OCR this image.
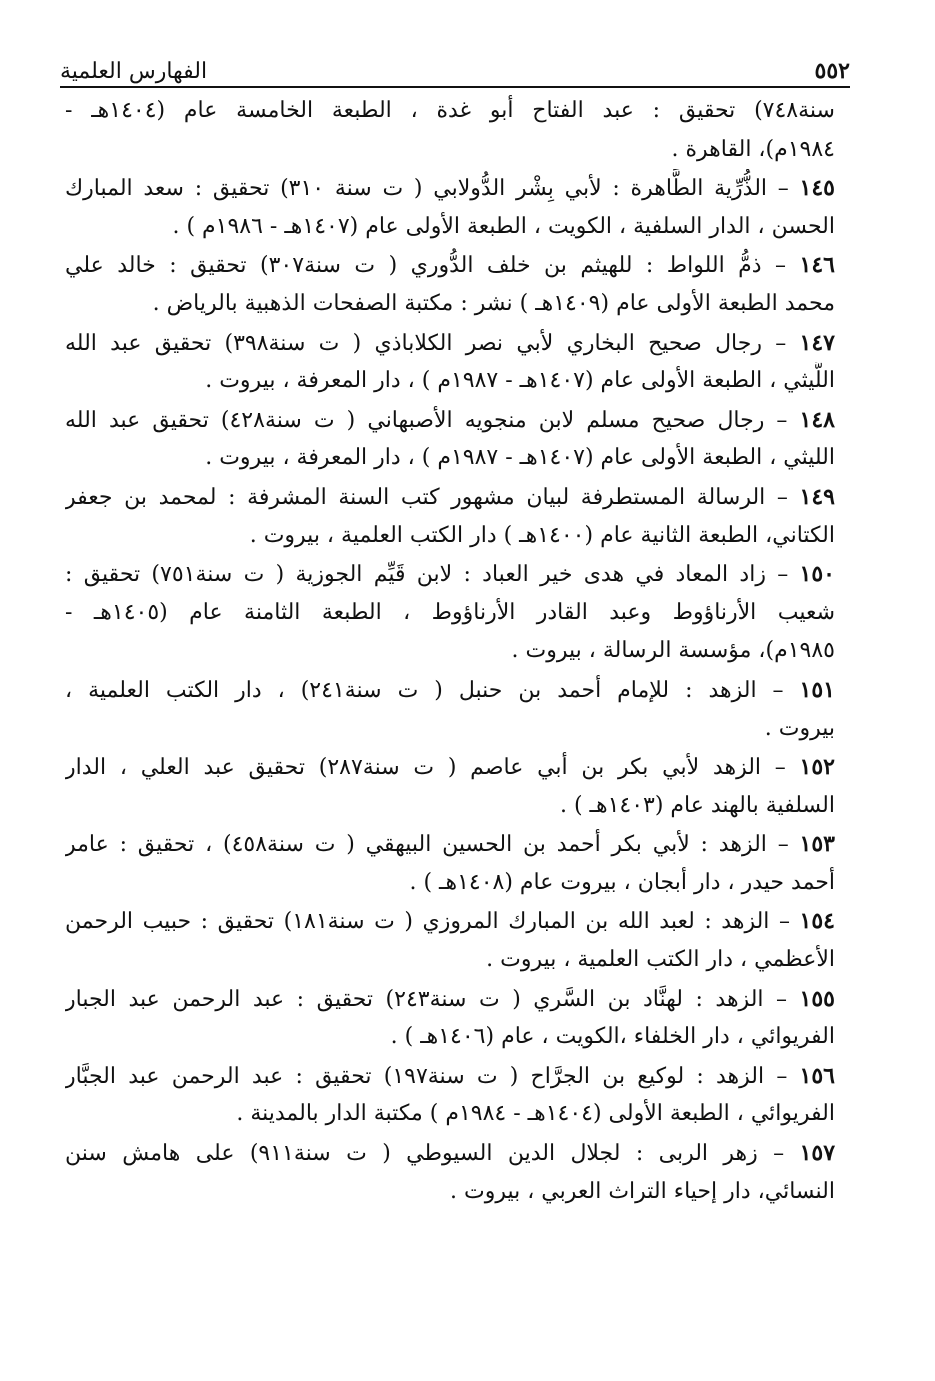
٥٥٢
الفهارس العلمية
سنة٧٤٨) تحقيق : عبد الفتاح أبو غدة ، الطبعة الخامسة عام (١٤٠٤هـ -
١٩٨٤م)، القاهرة .
١٤٥ – الذُّرِّية الطَّاهرة : لأبي بِشْر الدُّولابي ( ت سنة ٣١٠) تحقيق : سعد المبارك
الحسن ، الدار السلفية ، الكويت ، الطبعة الأولى عام (١٤٠٧هـ - ١٩٨٦م ) .
١٤٦ – ذمُّ اللواط : للهيثم بن خلف الدُّوري ( ت سنة٣٠٧) تحقيق : خالد علي
محمد الطبعة الأولى عام (١٤٠٩هـ ) نشر : مكتبة الصفحات الذهبية بالرياض .
١٤٧ – رجال صحيح البخاري لأبي نصر الكلاباذي ( ت سنة٣٩٨) تحقيق عبد الله
اللَّيثي ، الطبعة الأولى عام (١٤٠٧هـ - ١٩٨٧م ) ، دار المعرفة ، بيروت .
١٤٨ – رجال صحيح مسلم لابن منجويه الأصبهاني ( ت سنة٤٢٨) تحقيق عبد الله
الليثي ، الطبعة الأولى عام (١٤٠٧هـ - ١٩٨٧م ) ، دار المعرفة ، بيروت .
١٤٩ – الرسالة المستطرفة لبيان مشهور كتب السنة المشرفة : لمحمد بن جعفر
الكتاني، الطبعة الثانية عام (١٤٠٠هـ ) دار الكتب العلمية ، بيروت .
١٥٠ – زاد المعاد في هدى خير العباد : لابن قَيِّم الجوزية ( ت سنة٧٥١) تحقيق :
شعيب الأرناؤوط وعبد القادر الأرناؤوط ، الطبعة الثامنة عام (١٤٠٥هـ -
١٩٨٥م)، مؤسسة الرسالة ، بيروت .
١٥١ – الزهد : للإمام أحمد بن حنبل ( ت سنة٢٤١) ، دار الكتب العلمية ،
بيروت .
١٥٢ – الزهد لأبي بكر بن أبي عاصم ( ت سنة٢٨٧) تحقيق عبد العلي ، الدار
السلفية بالهند عام (١٤٠٣هـ ) .
١٥٣ – الزهد : لأبي بكر أحمد بن الحسين البيهقي ( ت سنة٤٥٨) ، تحقيق : عامر
أحمد حيدر ، دار أبجان ، بيروت عام (١٤٠٨هـ ) .
١٥٤ – الزهد : لعبد الله بن المبارك المروزي ( ت سنة١٨١) تحقيق : حبيب الرحمن
الأعظمي ، دار الكتب العلمية ، بيروت .
١٥٥ – الزهد : لهنَّاد بن السَّري ( ت سنة٢٤٣) تحقيق : عبد الرحمن عبد الجبار
الفريوائي ، دار الخلفاء ،الكويت ، عام (١٤٠٦هـ ) .
١٥٦ – الزهد : لوكيع بن الجرَّاح ( ت سنة١٩٧) تحقيق : عبد الرحمن عبد الجبَّار
الفريوائي ، الطبعة الأولى (١٤٠٤هـ - ١٩٨٤م ) مكتبة الدار بالمدينة .
١٥٧ – زهر الربى : لجلال الدين السيوطي ( ت سنة٩١١) على هامش سنن
النسائي، دار إحياء التراث العربي ، بيروت .
